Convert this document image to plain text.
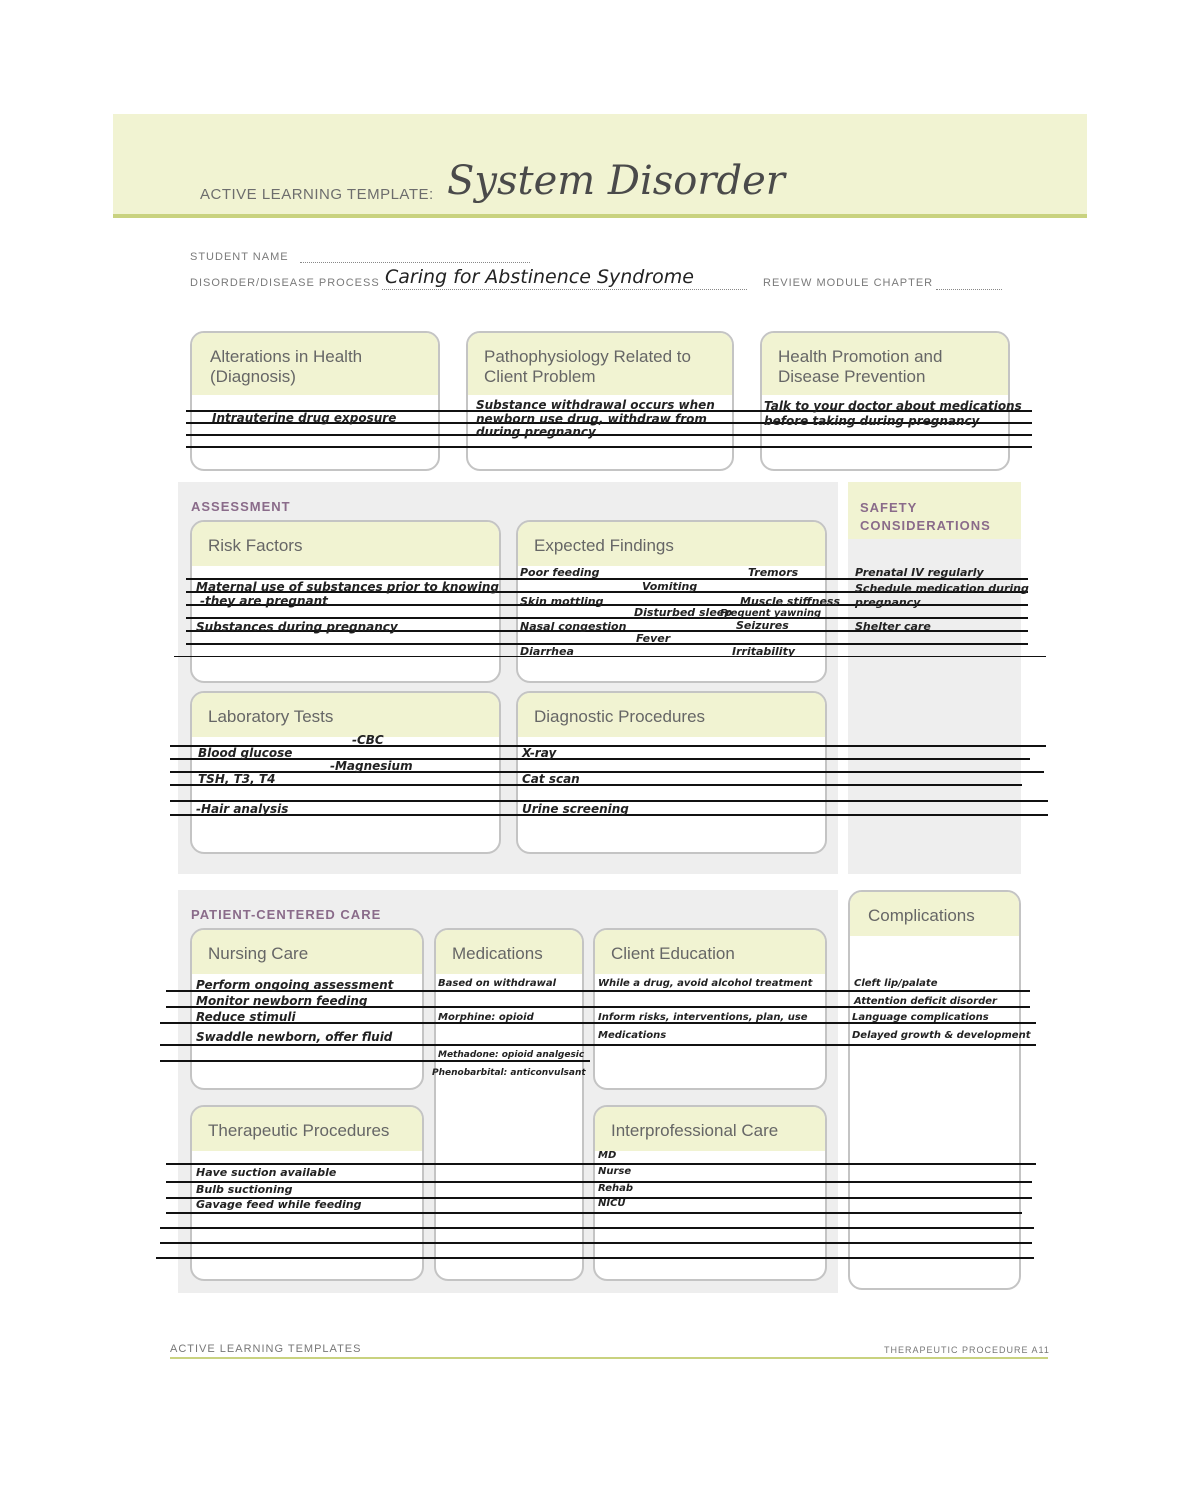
ACTIVE LEARNING TEMPLATE: System Disorder
STUDENT NAME
DISORDER/DISEASE PROCESS Caring for Abstinence Syndrome	REVIEW MODULE CHAPTER
Alterations in Health (Diagnosis)
Pathophysiology Related to Client Problem
Health Promotion and Disease Prevention
Intrauterine drug exposure
Substance withdrawal occurs when
newborn use drug, withdraw from
during pregnancy
Talk to your doctor about medications
before taking during pregnancy
ASSESSMENT
Risk Factors	Expected Findings
Laboratory Tests	Diagnostic Procedures
SAFETY CONSIDERATIONS
Maternal use of substances prior to knowing
-they are pregnant
Substances during pregnancy
Poor feeding	Tremors
Skin mottling
Disturbed sleep
Nasal congestion
Fever
Diarrhea	Irritability
Vomiting
Seizures
Muscle stiffness
Frequent yawning
Prenatal IV regularly
Schedule medication during
pregnancy
Shelter care
Blood glucose
-CBC
TSH, T3, T4
-Magnesium
-Hair analysis
X-ray
Cat scan
Urine screening
PATIENT-CENTERED CARE
Nursing Care	Medications	Client Education
Therapeutic Procedures	Interprofessional Care
Complications
Perform ongoing assessment
Monitor newborn feeding
Reduce stimuli
Swaddle newborn, offer fluid
Based on withdrawal
Morphine: opioid
Methadone: opioid analgesic
Phenobarbital: anticonvulsant
While a drug, avoid alcohol treatment
Inform risks, interventions, plan, use
Medications
Cleft lip/palate
Attention deficit disorder
Language complications
Delayed growth & development
Have suction available
Bulb suctioning
Gavage feed while feeding
MD
Nurse
Rehab
NICU
ACTIVE LEARNING TEMPLATES	THERAPEUTIC PROCEDURE A11
